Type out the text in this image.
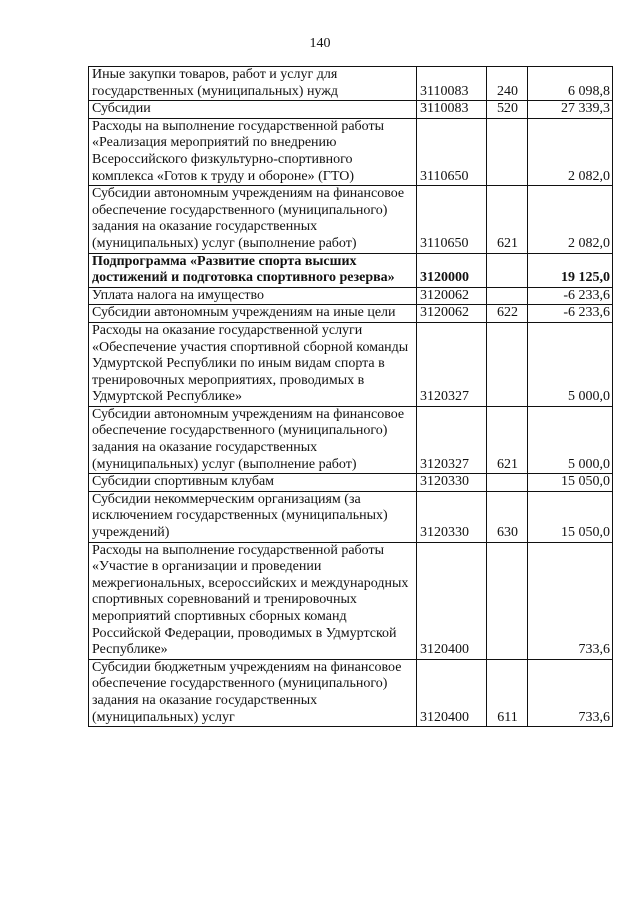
140
Иные закупки товаров, работ и услуг для государственных (муниципальных) нужд	3110083	240	6 098,8
Субсидии	3110083	520	27 339,3
Расходы на выполнение государственной работы «Реализация мероприятий по внедрению Всероссийского физкультурно-спортивного комплекса «Готов к труду и обороне» (ГТО)	3110650		2 082,0
Субсидии автономным учреждениям на финансовое обеспечение государственного (муниципального) задания на оказание государственных (муниципальных) услуг (выполнение работ)	3110650	621	2 082,0
Подпрограмма «Развитие спорта высших достижений и подготовка спортивного резерва»	3120000		19 125,0
Уплата налога на имущество	3120062		-6 233,6
Субсидии автономным учреждениям на иные цели	3120062	622	-6 233,6
Расходы на оказание государственной услуги «Обеспечение участия спортивной сборной команды Удмуртской Республики по иным видам спорта в тренировочных мероприятиях, проводимых в Удмуртской Республике»	3120327		5 000,0
Субсидии автономным учреждениям на финансовое обеспечение государственного (муниципального) задания на оказание государственных (муниципальных) услуг (выполнение работ)	3120327	621	5 000,0
Субсидии спортивным клубам	3120330		15 050,0
Субсидии некоммерческим организациям (за исключением государственных (муниципальных) учреждений)	3120330	630	15 050,0
Расходы на выполнение государственной работы «Участие в организации и проведении межрегиональных, всероссийских и международных спортивных соревнований и тренировочных мероприятий спортивных сборных команд Российской Федерации, проводимых в Удмуртской Республике»	3120400		733,6
Субсидии бюджетным учреждениям на финансовое обеспечение государственного (муниципального) задания на оказание государственных (муниципальных) услуг	3120400	611	733,6
